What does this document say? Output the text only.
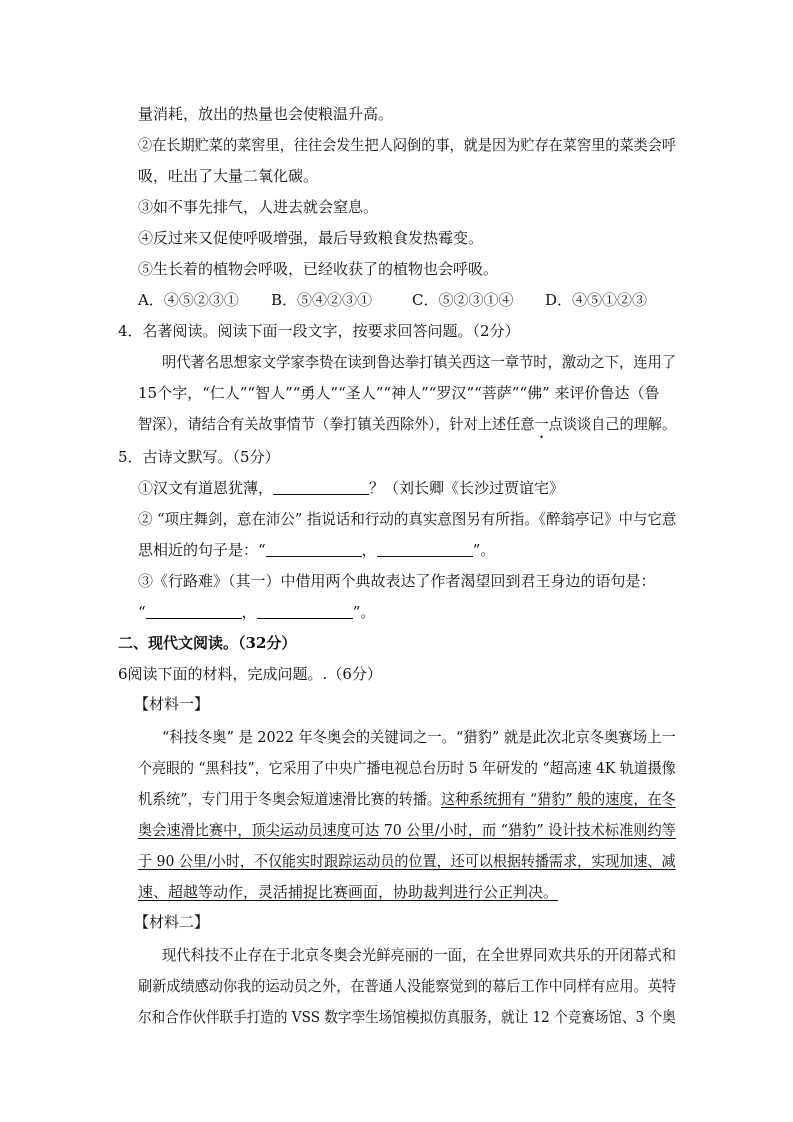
量消耗，放出的热量也会使粮温升高。
②在长期贮菜的菜窖里，往往会发生把人闷倒的事，就是因为贮存在菜窖里的菜类会呼
吸，吐出了大量二氧化碳。
③如不事先排气，人进去就会窒息。
④反过来又促使呼吸增强，最后导致粮食发热霉变。
⑤生长着的植物会呼吸，已经收获了的植物也会呼吸。
A．④⑤②③① B．⑤④②③①	C．⑤②③①④ D．④⑤①②③
4．名著阅读。阅读下面一段文字，按要求回答问题。（2分）
明代著名思想家文学家李贽在读到鲁达拳打镇关西这一章节时，激动之下，连用了
15个字，“仁人”“智人”“勇人”“圣人”“神人”“罗汉”“菩萨”“佛” 来评价鲁达（鲁
智深），请结合有关故事情节（拳打镇关西除外），针对上述任意一点谈谈自己的理解。
5．古诗文默写。（5分）
①汉文有道恩犹薄，	？（刘长卿《长沙过贾谊宅》
② “项庄舞剑，意在沛公” 指说话和行动的真实意图另有所指。《醉翁亭记》中与它意
思相近的句子是：“	，	”。
③《行路难》（其一）中借用两个典故表达了作者渴望回到君王身边的语句是：
“	，	”。
二、现代文阅读。（32分）
6阅读下面的材料，完成问题。.（6分）
【材料一】
“科技冬奥” 是 2022 年冬奥会的关键词之一。“猎豹” 就是此次北京冬奥赛场上一
个亮眼的 “黑科技”，它采用了中央广播电视总台历时 5 年研发的 “超高速 4K 轨道摄像
机系统”，专门用于冬奥会短道速滑比赛的转播。这种系统拥有 “猎豹” 般的速度，在冬
奥会速滑比赛中，顶尖运动员速度可达 70 公里/小时，而 “猎豹” 设计技术标准则约等
于 90 公里/小时，不仅能实时跟踪运动员的位置，还可以根据转播需求，实现加速、减
速、超越等动作，灵活捕捉比赛画面，协助裁判进行公正判决。
【材料二】
现代科技不止存在于北京冬奥会光鲜亮丽的一面，在全世界同欢共乐的开闭幕式和
刷新成绩感动你我的运动员之外，在普通人没能察觉到的幕后工作中同样有应用。英特
尔和合作伙伴联手打造的 VSS 数字孪生场馆模拟仿真服务，就让 12 个竞赛场馆、3 个奥
